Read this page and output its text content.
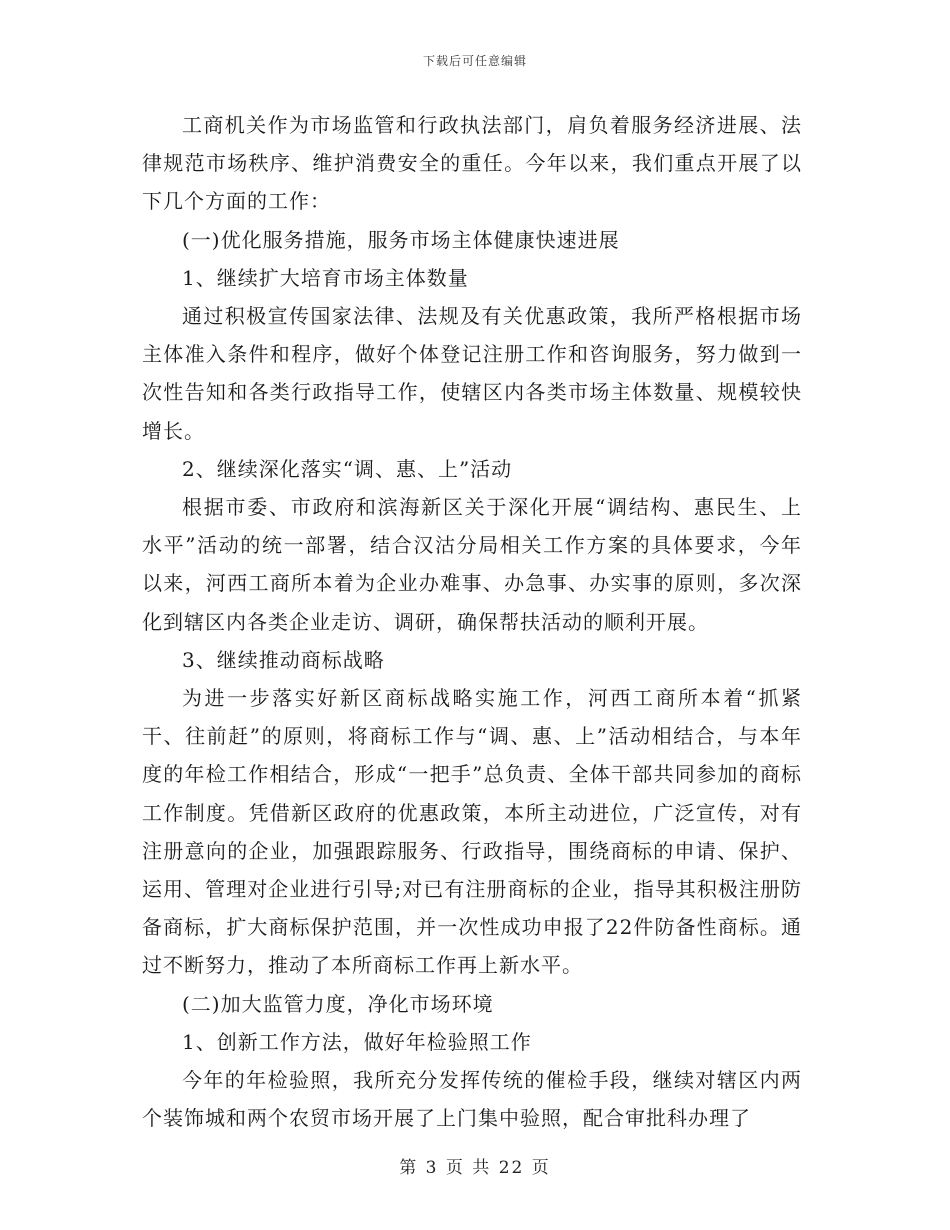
下载后可任意编辑

工商机关作为市场监管和行政执法部门，肩负着服务经济进展、法律规范市场秩序、维护消费安全的重任。今年以来，我们重点开展了以下几个方面的工作：

(一)优化服务措施，服务市场主体健康快速进展

1、继续扩大培育市场主体数量

通过积极宣传国家法律、法规及有关优惠政策，我所严格根据市场主体准入条件和程序，做好个体登记注册工作和咨询服务，努力做到一次性告知和各类行政指导工作，使辖区内各类市场主体数量、规模较快增长。

2、继续深化落实“调、惠、上”活动

根据市委、市政府和滨海新区关于深化开展“调结构、惠民生、上水平”活动的统一部署，结合汉沽分局相关工作方案的具体要求，今年以来，河西工商所本着为企业办难事、办急事、办实事的原则，多次深化到辖区内各类企业走访、调研，确保帮扶活动的顺利开展。

3、继续推动商标战略

为进一步落实好新区商标战略实施工作，河西工商所本着“抓紧干、往前赶”的原则，将商标工作与“调、惠、上”活动相结合，与本年度的年检工作相结合，形成“一把手”总负责、全体干部共同参加的商标工作制度。凭借新区政府的优惠政策，本所主动进位，广泛宣传，对有注册意向的企业，加强跟踪服务、行政指导，围绕商标的申请、保护、运用、管理对企业进行引导;对已有注册商标的企业，指导其积极注册防备商标，扩大商标保护范围，并一次性成功申报了22件防备性商标。通过不断努力，推动了本所商标工作再上新水平。

(二)加大监管力度，净化市场环境

1、创新工作方法，做好年检验照工作

今年的年检验照，我所充分发挥传统的催检手段，继续对辖区内两个装饰城和两个农贸市场开展了上门集中验照，配合审批科办理了

第 3 页 共 22 页
